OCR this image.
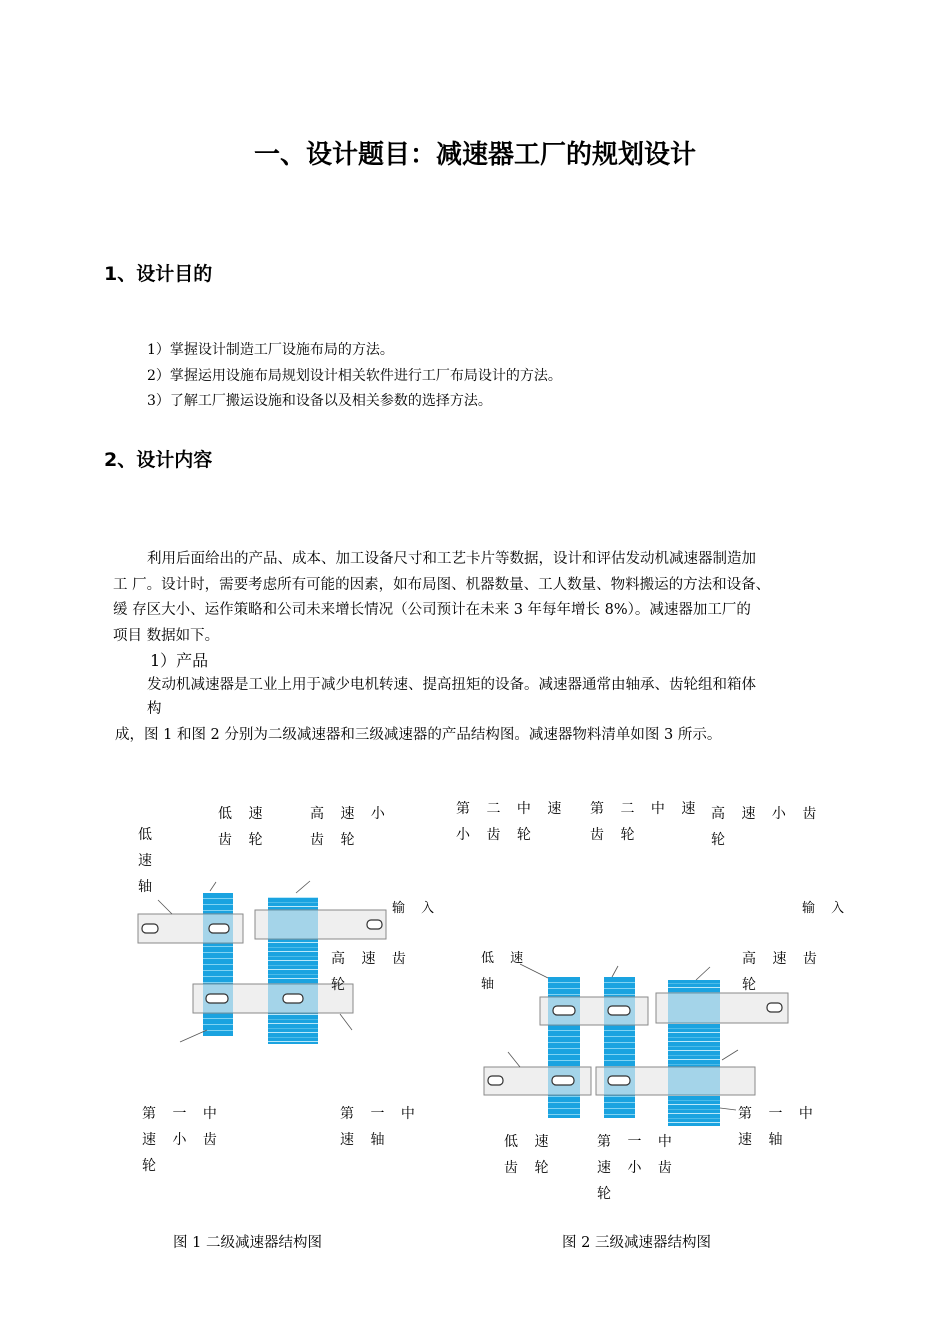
一、设计题目：减速器工厂的规划设计
1、设计目的
1）掌握设计制造工厂设施布局的方法。
2）掌握运用设施布局规划设计相关软件进行工厂布局设计的方法。
3）了解工厂搬运设施和设备以及相关参数的选择方法。
2、设计内容
利用后面给出的产品、成本、加工设备尺寸和工艺卡片等数据，设计和评估发动机减速器制造加
工 厂。设计时，需要考虑所有可能的因素，如布局图、机器数量、工人数量、物料搬运的方法和设备、
缓 存区大小、运作策略和公司未来增长情况（公司预计在未来 3 年每年增长 8%）。减速器加工厂的
项目 数据如下。
1）产品
发动机减速器是工业上用于减少电机转速、提高扭矩的设备。减速器通常由轴承、齿轮组和箱体
构
成，图 1 和图 2 分别为二级减速器和三级减速器的产品结构图。减速器物料清单如图 3 所示。
低 速 轴
低 速 齿 轮
高 速 小 齿 轮
输 入
高 速 齿 轮
第 一 中 速 小 齿 轮
第 一 中 速 轴
图 1 二级减速器结构图
第 二 中 速 小 齿 轮
第 二 中 速 齿 轮
高 速 小 齿 轮
输 入
低 速 轴
高 速 齿 轮
低 速 齿 轮
第 一 中 速 小 齿 轮
第 一 中 速 轴
图 2 三级减速器结构图
